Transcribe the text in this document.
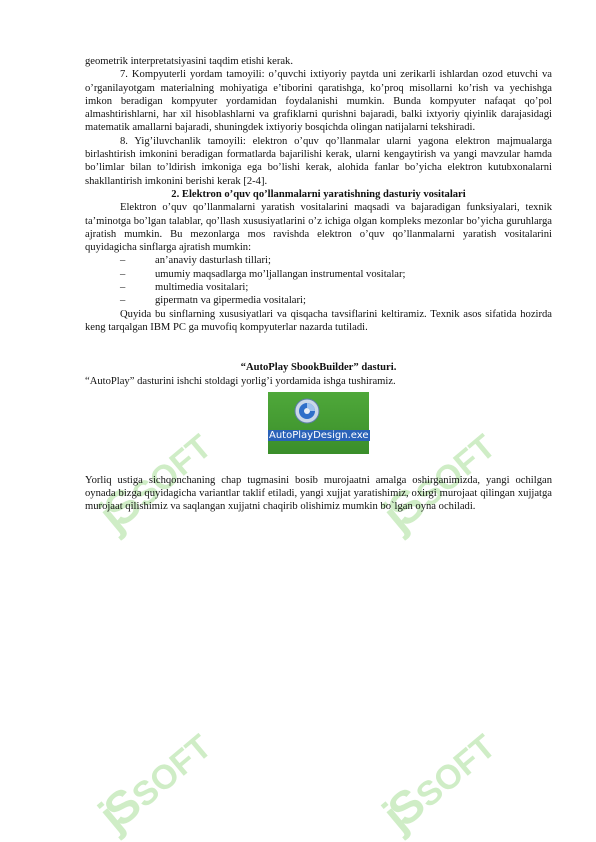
jSSOFT	jSSOFT
jSSOFT	jSSOFT

geometrik interpretatsiyasini taqdim etishi kerak.

7. Kompyuterli yordam tamoyili: o’quvchi ixtiyoriy paytda uni zerikarli ishlardan ozod etuvchi va o’rganilayotgam materialning mohiyatiga e’tiborini qaratishga, ko’proq misollarni ko’rish va yechishga imkon beradigan kompyuter yordamidan foydalanishi mumkin. Bunda kompyuter nafaqat qo’pol almashtirishlarni, har xil hisoblashlarni va grafiklarni qurishni bajaradi, balki ixtyoriy qiyinlik darajasidagi matematik amallarni bajaradi, shuningdek ixtiyoriy bosqichda olingan natijalarni tekshiradi.

8. Yig’iluvchanlik tamoyili: elektron o’quv qo’llanmalar ularni yagona elektron majmualarga birlashtirish imkonini beradigan formatlarda bajarilishi kerak, ularni kengaytirish va yangi mavzular hamda bo’limlar bilan to’ldirish imkoniga ega bo’lishi kerak, alohida fanlar bo’yicha elektron kutubxonalarni shakllantirish imkonini berishi kerak [2-4].

2. Elektron o’quv qo’llanmalarni yaratishning dasturiy vositalari

Elektron o’quv qo’llanmalarni yaratish vositalarini maqsadi va bajaradigan funksiyalari, texnik ta’minotga bo’lgan talablar, qo’llash xususiyatlarini o’z ichiga olgan kompleks mezonlar bo’yicha guruhlarga ajratish mumkin. Bu mezonlarga mos ravishda elektron o’quv qo’llanmalarni yaratish vositalarini quyidagicha sinflarga ajratish mumkin:

–	an’anaviy dasturlash tillari;
–	umumiy maqsadlarga mo’ljallangan instrumental vositalar;
–	multimedia vositalari;
–	gipermatn va gipermedia vositalari;

Quyida bu sinflarning xususiyatlari va qisqacha tavsiflarini keltiramiz. Texnik asos sifatida hozirda keng tarqalgan IBM PC ga muvofiq kompyuterlar nazarda tutiladi.

“AutoPlay SbookBuilder” dasturi.

“AutoPlay” dasturini ishchi stoldagi yorlig’i yordamida ishga tushiramiz.

AutoPlayDesign.exe

Yorliq ustiga sichqonchaning chap tugmasini bosib murojaatni amalga oshirganimizda, yangi ochilgan oynada bizga quyidagicha variantlar taklif etiladi, yangi xujjat yaratishimiz, oxirgi murojaat qilingan xujjatga murojaat qilishimiz va saqlangan xujjatni chaqirib olishimiz mumkin bo`lgan oyna ochiladi.
